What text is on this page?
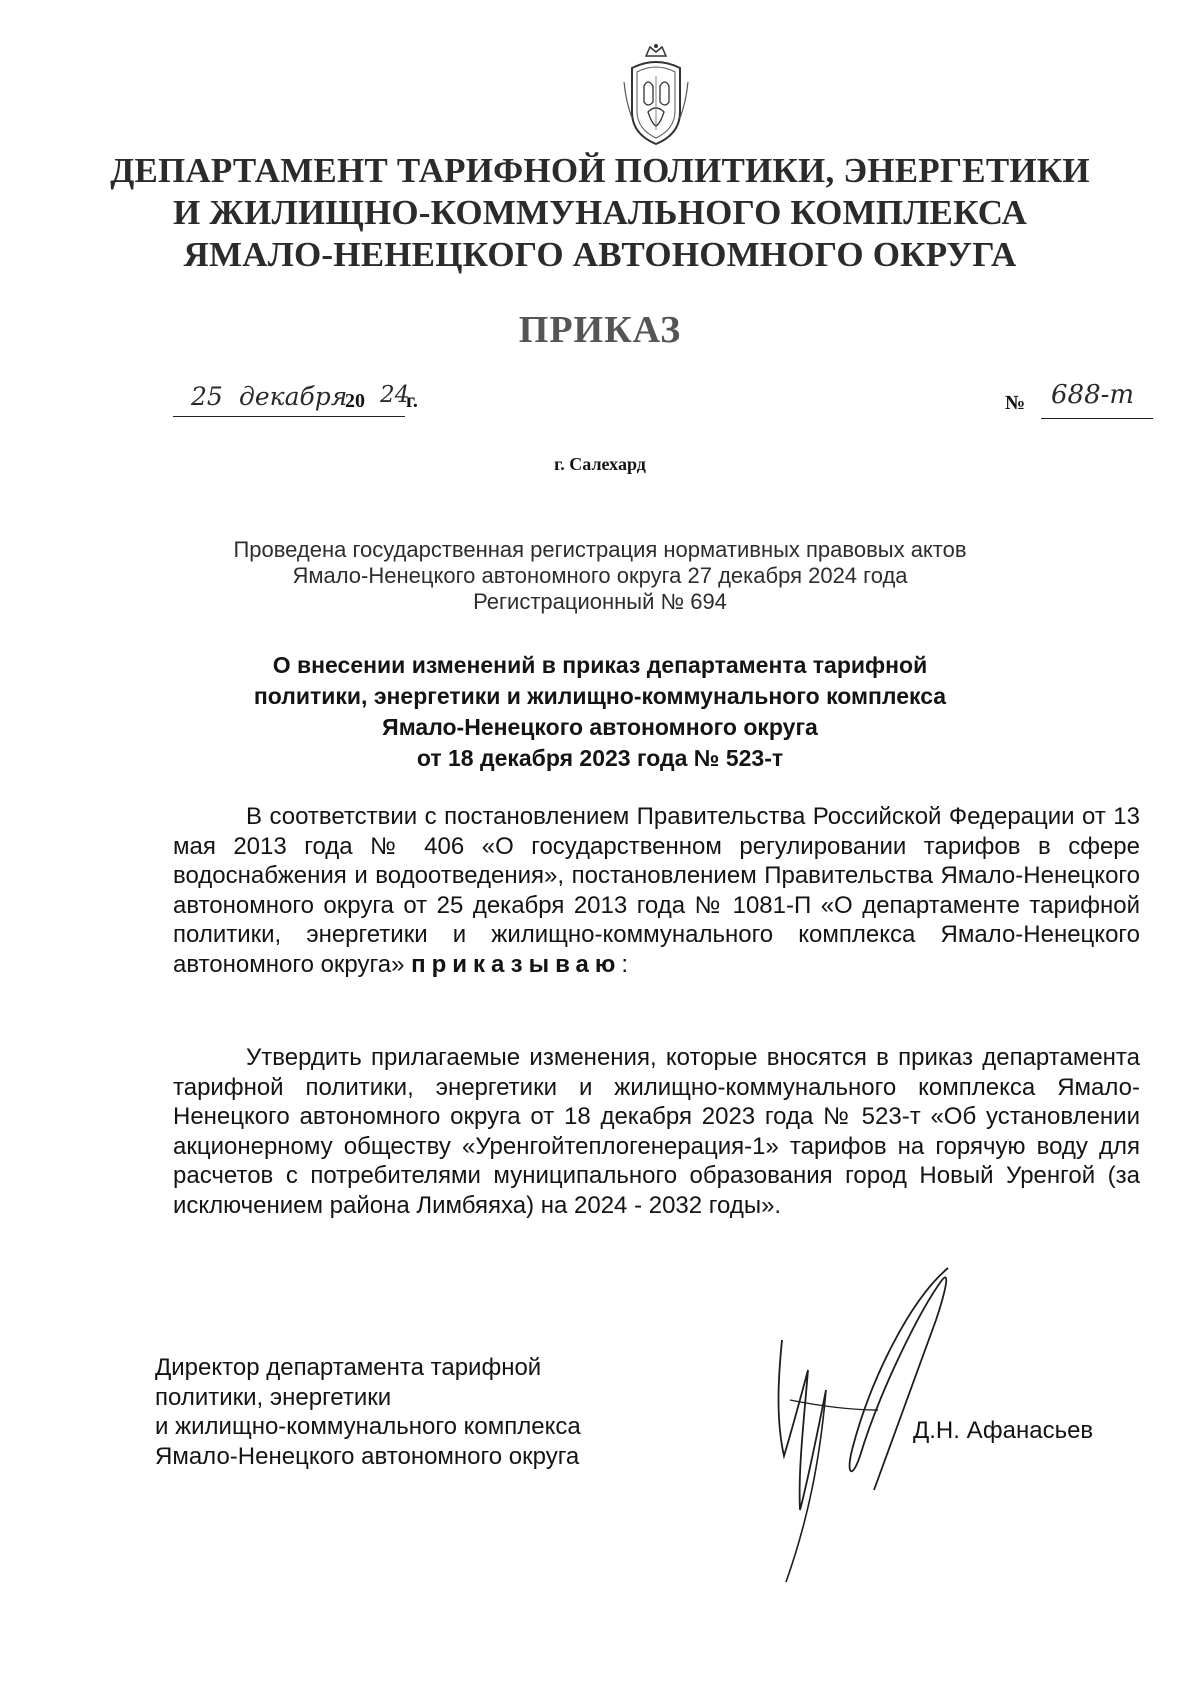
ДЕПАРТАМЕНТ ТАРИФНОЙ ПОЛИТИКИ, ЭНЕРГЕТИКИ
И ЖИЛИЩНО-КОММУНАЛЬНОГО КОМПЛЕКСА
ЯМАЛО-НЕНЕЦКОГО АВТОНОМНОГО ОКРУГА
ПРИКАЗ
25 декабря
20 24
г.	№ 688-т
г. Салехард
Проведена государственная регистрация нормативных правовых актов
Ямало-Ненецкого автономного округа 27 декабря 2024 года
Регистрационный № 694
О внесении изменений в приказ департамента тарифной
политики, энергетики и жилищно-коммунального комплекса
Ямало-Ненецкого автономного округа
от 18 декабря 2023 года № 523-т
В соответствии с постановлением Правительства Российской Федерации от 13 мая 2013 года № 406 «О государственном регулировании тарифов в сфере водоснабжения и водоотведения», постановлением Правительства Ямало-Ненецкого автономного округа от 25 декабря 2013 года № 1081-П «О департаменте тарифной политики, энергетики и жилищно-коммунального комплекса Ямало-Ненецкого автономного округа» приказываю:
Утвердить прилагаемые изменения, которые вносятся в приказ департамента тарифной политики, энергетики и жилищно-коммунального комплекса Ямало-Ненецкого автономного округа от 18 декабря 2023 года № 523-т «Об установлении акционерному обществу «Уренгойтеплогенерация-1» тарифов на горячую воду для расчетов с потребителями муниципального образования город Новый Уренгой (за исключением района Лимбяяха) на 2024 - 2032 годы».
Директор департамента тарифной
политики, энергетики
и жилищно-коммунального комплекса
Ямало-Ненецкого автономного округа
Д.Н. Афанасьев
